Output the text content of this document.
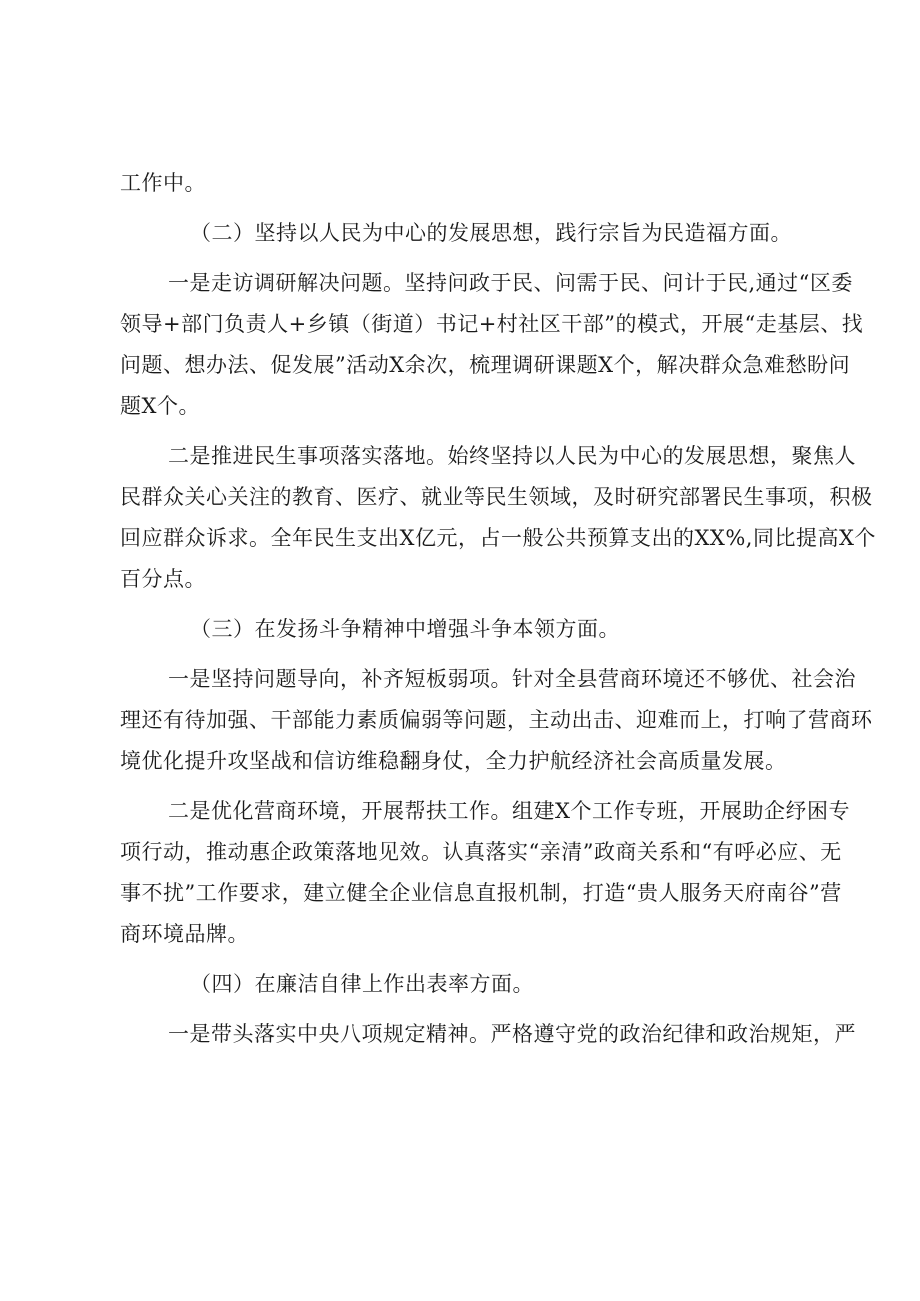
工作中。
（二）坚持以人民为中心的发展思想，践行宗旨为民造福方面。
一是走访调研解决问题。坚持问政于民、问需于民、问计于民,通过“区委
领导+部门负责人+乡镇（街道）书记+村社区干部”的模式，开展“走基层、找
问题、想办法、促发展”活动X余次，梳理调研课题X个，解决群众急难愁盼问
题X个。
二是推进民生事项落实落地。始终坚持以人民为中心的发展思想，聚焦人
民群众关心关注的教育、医疗、就业等民生领域，及时研究部署民生事项，积极
回应群众诉求。全年民生支出X亿元，占一般公共预算支出的XX%,同比提高X个
百分点。
（三）在发扬斗争精神中增强斗争本领方面。
一是坚持问题导向，补齐短板弱项。针对全县营商环境还不够优、社会治
理还有待加强、干部能力素质偏弱等问题，主动出击、迎难而上，打响了营商环
境优化提升攻坚战和信访维稳翻身仗，全力护航经济社会高质量发展。
二是优化营商环境，开展帮扶工作。组建X个工作专班，开展助企纾困专
项行动，推动惠企政策落地见效。认真落实“亲清”政商关系和“有呼必应、无
事不扰”工作要求，建立健全企业信息直报机制，打造“贵人服务天府南谷”营
商环境品牌。
（四）在廉洁自律上作出表率方面。
一是带头落实中央八项规定精神。严格遵守党的政治纪律和政治规矩，严
